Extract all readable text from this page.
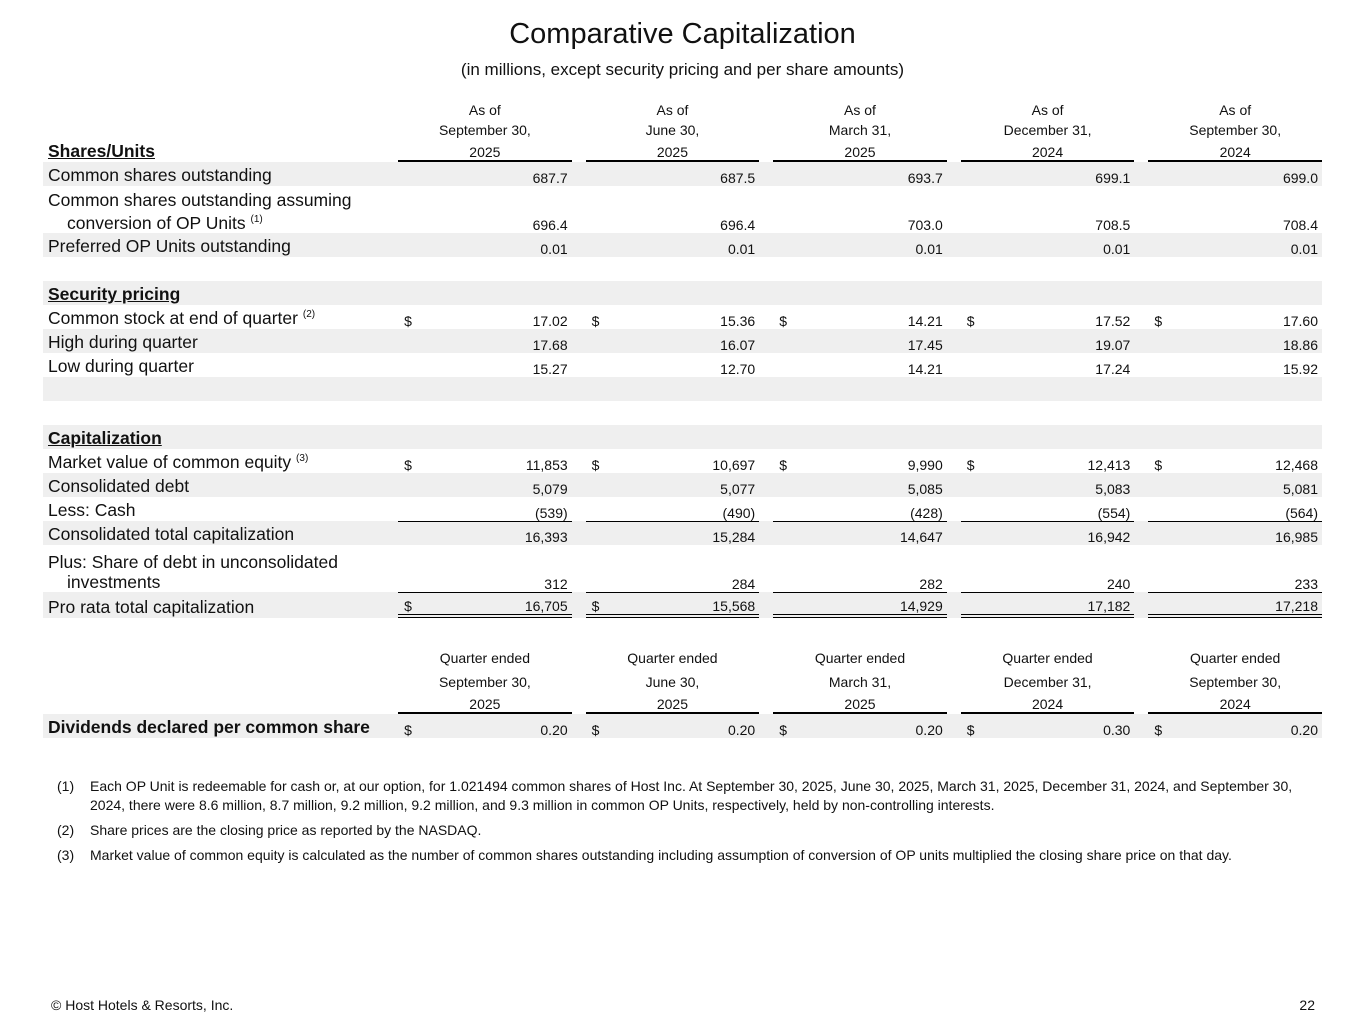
Comparative Capitalization
(in millions, except security pricing and per share amounts)
	As of			As of			As of			As of			As of	
	September 30,			June 30,			March 31,			December 31,			September 30,	
Shares/Units	2025			2025			2025			2024			2024	
Common shares outstanding		687.7			687.5			693.7			699.1			699.0
Common shares outstanding assuming
conversion of OP Units $^{(1)}$		696.4			696.4			703.0			708.5			708.4
Preferred OP Units outstanding		0.01			0.01			0.01			0.01			0.01

Security pricing														
Common stock at end of quarter $^{(2)}$	$	17.02		$	15.36		$	14.21		$	17.52		$	17.60
High during quarter		17.68			16.07			17.45			19.07			18.86
Low during quarter		15.27			12.70			14.21			17.24			15.92

Capitalization														
Market value of common equity $^{(3)}$	$	11,853		$	10,697		$	9,990		$	12,413		$	12,468
Consolidated debt		5,079			5,077			5,085			5,083			5,081
Less: Cash		(539)			(490)			(428)			(554)			(564)
Consolidated total capitalization		16,393			15,284			14,647			16,942			16,985
Plus: Share of debt in unconsolidated
investments		312			284			282			240			233
Pro rata total capitalization	$	16,705		$	15,568			14,929			17,182			17,218

	Quarter ended			Quarter ended			Quarter ended			Quarter ended			Quarter ended	
	September 30,			June 30,			March 31,			December 31,			September 30,	
	2025			2025			2025			2024			2024	
Dividends declared per common share	$	0.20		$	0.20		$	0.20		$	0.30		$	0.20
(1)	Each OP Unit is redeemable for cash or, at our option, for 1.021494 common shares of Host Inc. At September 30, 2025, June 30, 2025, March 31, 2025, December 31, 2024, and September 30, 2024, there were 8.6 million, 8.7 million, 9.2 million, 9.2 million, and 9.3 million in common OP Units, respectively, held by non-controlling interests.
(2)	Share prices are the closing price as reported by the NASDAQ.
(3)	Market value of common equity is calculated as the number of common shares outstanding including assumption of conversion of OP units multiplied the closing share price on that day.
© Host Hotels & Resorts, Inc.	22
